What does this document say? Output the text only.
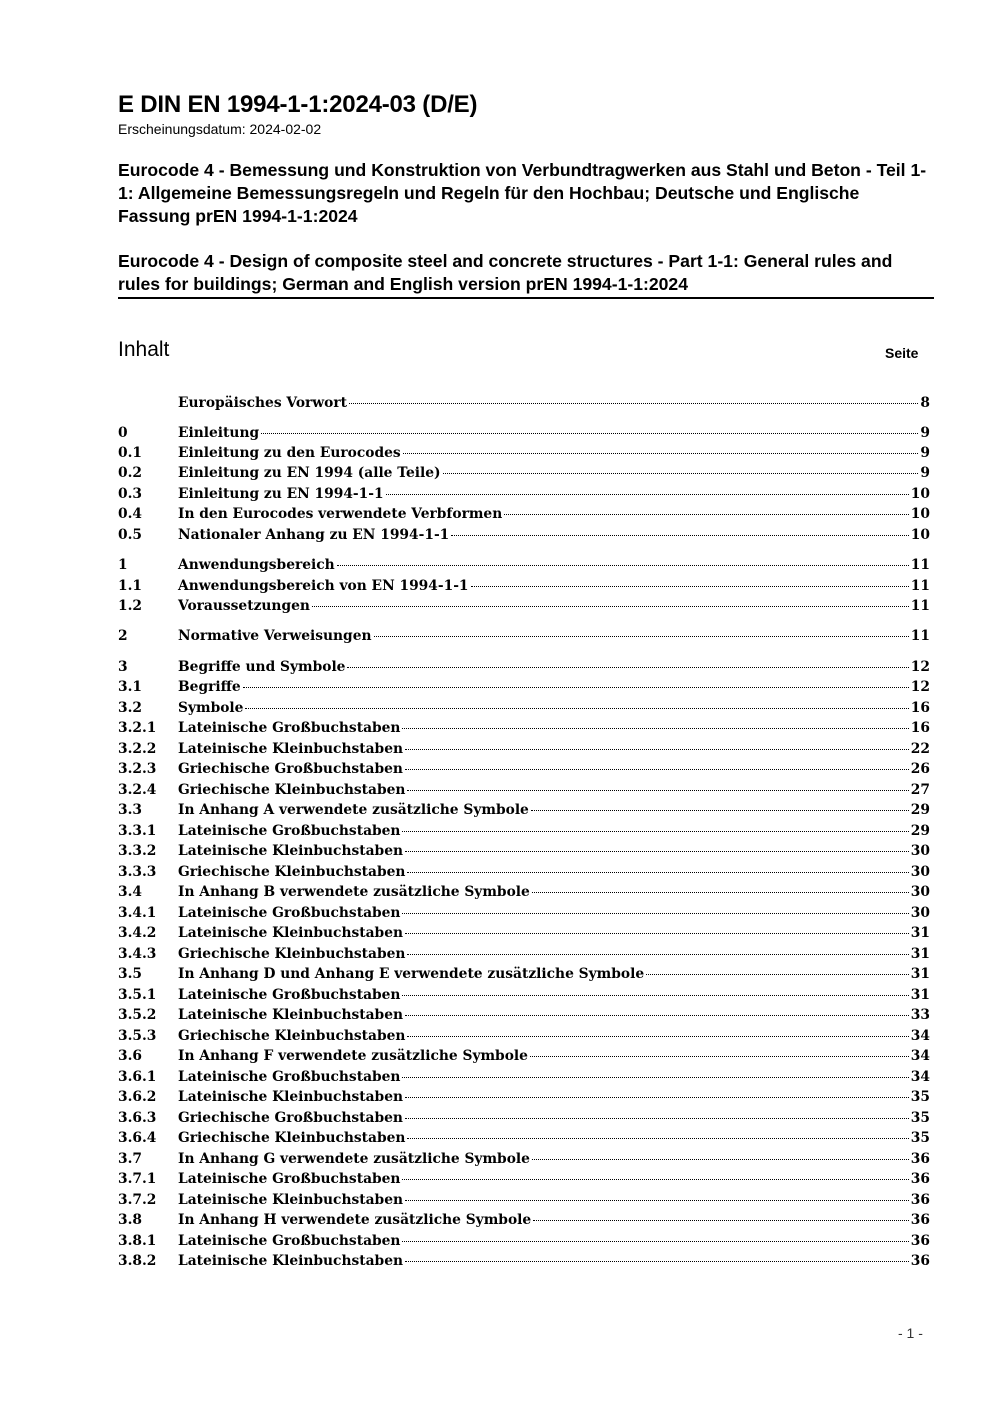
E DIN EN 1994-1-1:2024-03 (D/E)
Erscheinungsdatum: 2024-02-02
Eurocode 4 - Bemessung und Konstruktion von Verbundtragwerken aus Stahl und Beton - Teil 1-1: Allgemeine Bemessungsregeln und Regeln für den Hochbau; Deutsche und Englische Fassung prEN 1994-1-1:2024
Eurocode 4 - Design of composite steel and concrete structures - Part 1-1: General rules and rules for buildings; German and English version prEN 1994-1-1:2024
Inhalt	Seite
Europäisches Vorwort	8
0	Einleitung	9
0.1	Einleitung zu den Eurocodes	9
0.2	Einleitung zu EN 1994 (alle Teile)	9
0.3	Einleitung zu EN 1994-1-1	10
0.4	In den Eurocodes verwendete Verbformen	10
0.5	Nationaler Anhang zu EN 1994-1-1	10
1	Anwendungsbereich	11
1.1	Anwendungsbereich von EN 1994-1-1	11
1.2	Voraussetzungen	11
2	Normative Verweisungen	11
3	Begriffe und Symbole	12
3.1	Begriffe	12
3.2	Symbole	16
3.2.1	Lateinische Großbuchstaben	16
3.2.2	Lateinische Kleinbuchstaben	22
3.2.3	Griechische Großbuchstaben	26
3.2.4	Griechische Kleinbuchstaben	27
3.3	In Anhang A verwendete zusätzliche Symbole	29
3.3.1	Lateinische Großbuchstaben	29
3.3.2	Lateinische Kleinbuchstaben	30
3.3.3	Griechische Kleinbuchstaben	30
3.4	In Anhang B verwendete zusätzliche Symbole	30
3.4.1	Lateinische Großbuchstaben	30
3.4.2	Lateinische Kleinbuchstaben	31
3.4.3	Griechische Kleinbuchstaben	31
3.5	In Anhang D und Anhang E verwendete zusätzliche Symbole	31
3.5.1	Lateinische Großbuchstaben	31
3.5.2	Lateinische Kleinbuchstaben	33
3.5.3	Griechische Kleinbuchstaben	34
3.6	In Anhang F verwendete zusätzliche Symbole	34
3.6.1	Lateinische Großbuchstaben	34
3.6.2	Lateinische Kleinbuchstaben	35
3.6.3	Griechische Großbuchstaben	35
3.6.4	Griechische Kleinbuchstaben	35
3.7	In Anhang G verwendete zusätzliche Symbole	36
3.7.1	Lateinische Großbuchstaben	36
3.7.2	Lateinische Kleinbuchstaben	36
3.8	In Anhang H verwendete zusätzliche Symbole	36
3.8.1	Lateinische Großbuchstaben	36
3.8.2	Lateinische Kleinbuchstaben	36
- 1 -
